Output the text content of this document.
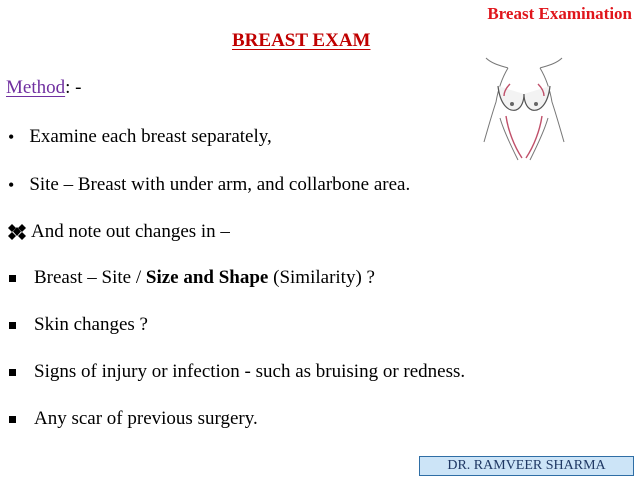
Breast Examination
BREAST EXAM
Method: -
• Examine each breast separately,
• Site – Breast with under arm, and collarbone area.
And note out changes in –
Breast – Site / Size and Shape (Similarity) ?
Skin changes ?
Signs of injury or infection - such as bruising or redness.
Any scar of previous surgery.
DR. RAMVEER SHARMA
